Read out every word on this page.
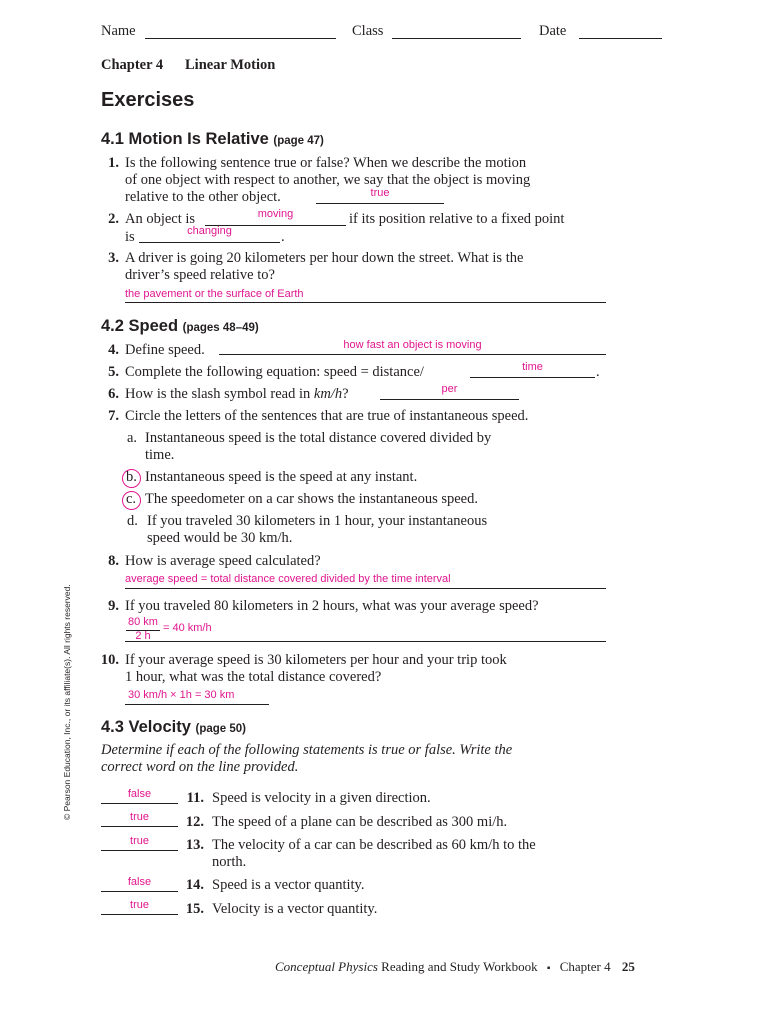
Name	Class	Date
Chapter 4 Linear Motion
Exercises
4.1 Motion Is Relative (page 47)
1. Is the following sentence true or false? When we describe the motion
of one object with respect to another, we say that the object is moving
relative to the other object.	true
2. An object is	moving	if its position relative to a fixed point
is	changing	.
3. A driver is going 20 kilometers per hour down the street. What is the
driver’s speed relative to?
the pavement or the surface of Earth
4.2 Speed (pages 48–49)
4. Define speed.	how fast an object is moving
5. Complete the following equation: speed = distance/	time	.
6. How is the slash symbol read in km/h?	per
7. Circle the letters of the sentences that are true of instantaneous speed.
a. Instantaneous speed is the total distance covered divided by
time.
b. Instantaneous speed is the speed at any instant.
c. The speedometer on a car shows the instantaneous speed.
d. If you traveled 30 kilometers in 1 hour, your instantaneous
speed would be 30 km/h.
8. How is average speed calculated?
average speed = total distance covered divided by the time interval
9. If you traveled 80 kilometers in 2 hours, what was your average speed?
80 km
2 h
= 40 km/h
10. If your average speed is 30 kilometers per hour and your trip took
1 hour, what was the total distance covered?
30 km/h × 1h = 30 km
4.3 Velocity (page 50)
Determine if each of the following statements is true or false. Write the
correct word on the line provided.
false	11. Speed is velocity in a given direction.
true	12. The speed of a plane can be described as 300 mi/h.
true	13. The velocity of a car can be described as 60 km/h to the
north.
false	14. Speed is a vector quantity.
true	15. Velocity is a vector quantity.
© Pearson Education, Inc., or its affiliate(s). All rights reserved.
Conceptual Physics Reading and Study Workbook ▪ Chapter 4 25
